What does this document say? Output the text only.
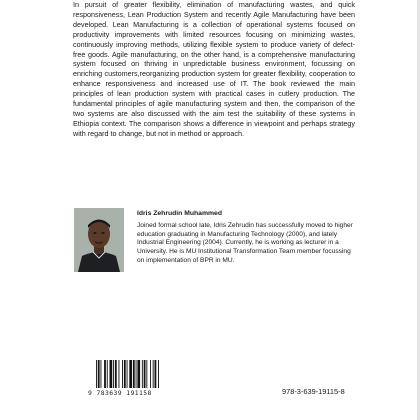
In pursuit of greater flexibility, elimination of manufacturing wastes, and quick responsiveness, Lean Production System and recently Agile Manufacturing have been developed. Lean Manufacturing is a collection of operational systems focused on productivity improvements with limited resources focusing on minimizing wastes, continuously improving methods, utilizing flexible system to produce variety of defect-free goods. Agile manufacturing, on the other hand, is a comprehensive manufacturing system focused on thriving in unpredictable business environment, focussing on enriching customers,reorganizing production system for greater flexibility, cooperation to enhance responsiveness and increased use of IT. The book reviewed the main principles of lean production system with practical cases in cutlery production. The fundamental principles of agile manufacturing system and then, the comparison of the two systems are also discussed with the aim test the suitability of these systems in Ethiopia context. The comparison shows a difference in viewpoint and perhaps strategy with regard to change, but not in method or approach.

Idris Zehrudin Muhammed

Joined formal school late, Idris Zehrudin has successfully moved to higher education graduating in Manufacturing Technology (2000), and lately Industrial Engineering (2004). Currently, he is working as lecturer in a University. He is MU Institutional Transformation Team member focussing on implementation of BPR in MU.

9 783639 191158	978-3-639-19115-8
